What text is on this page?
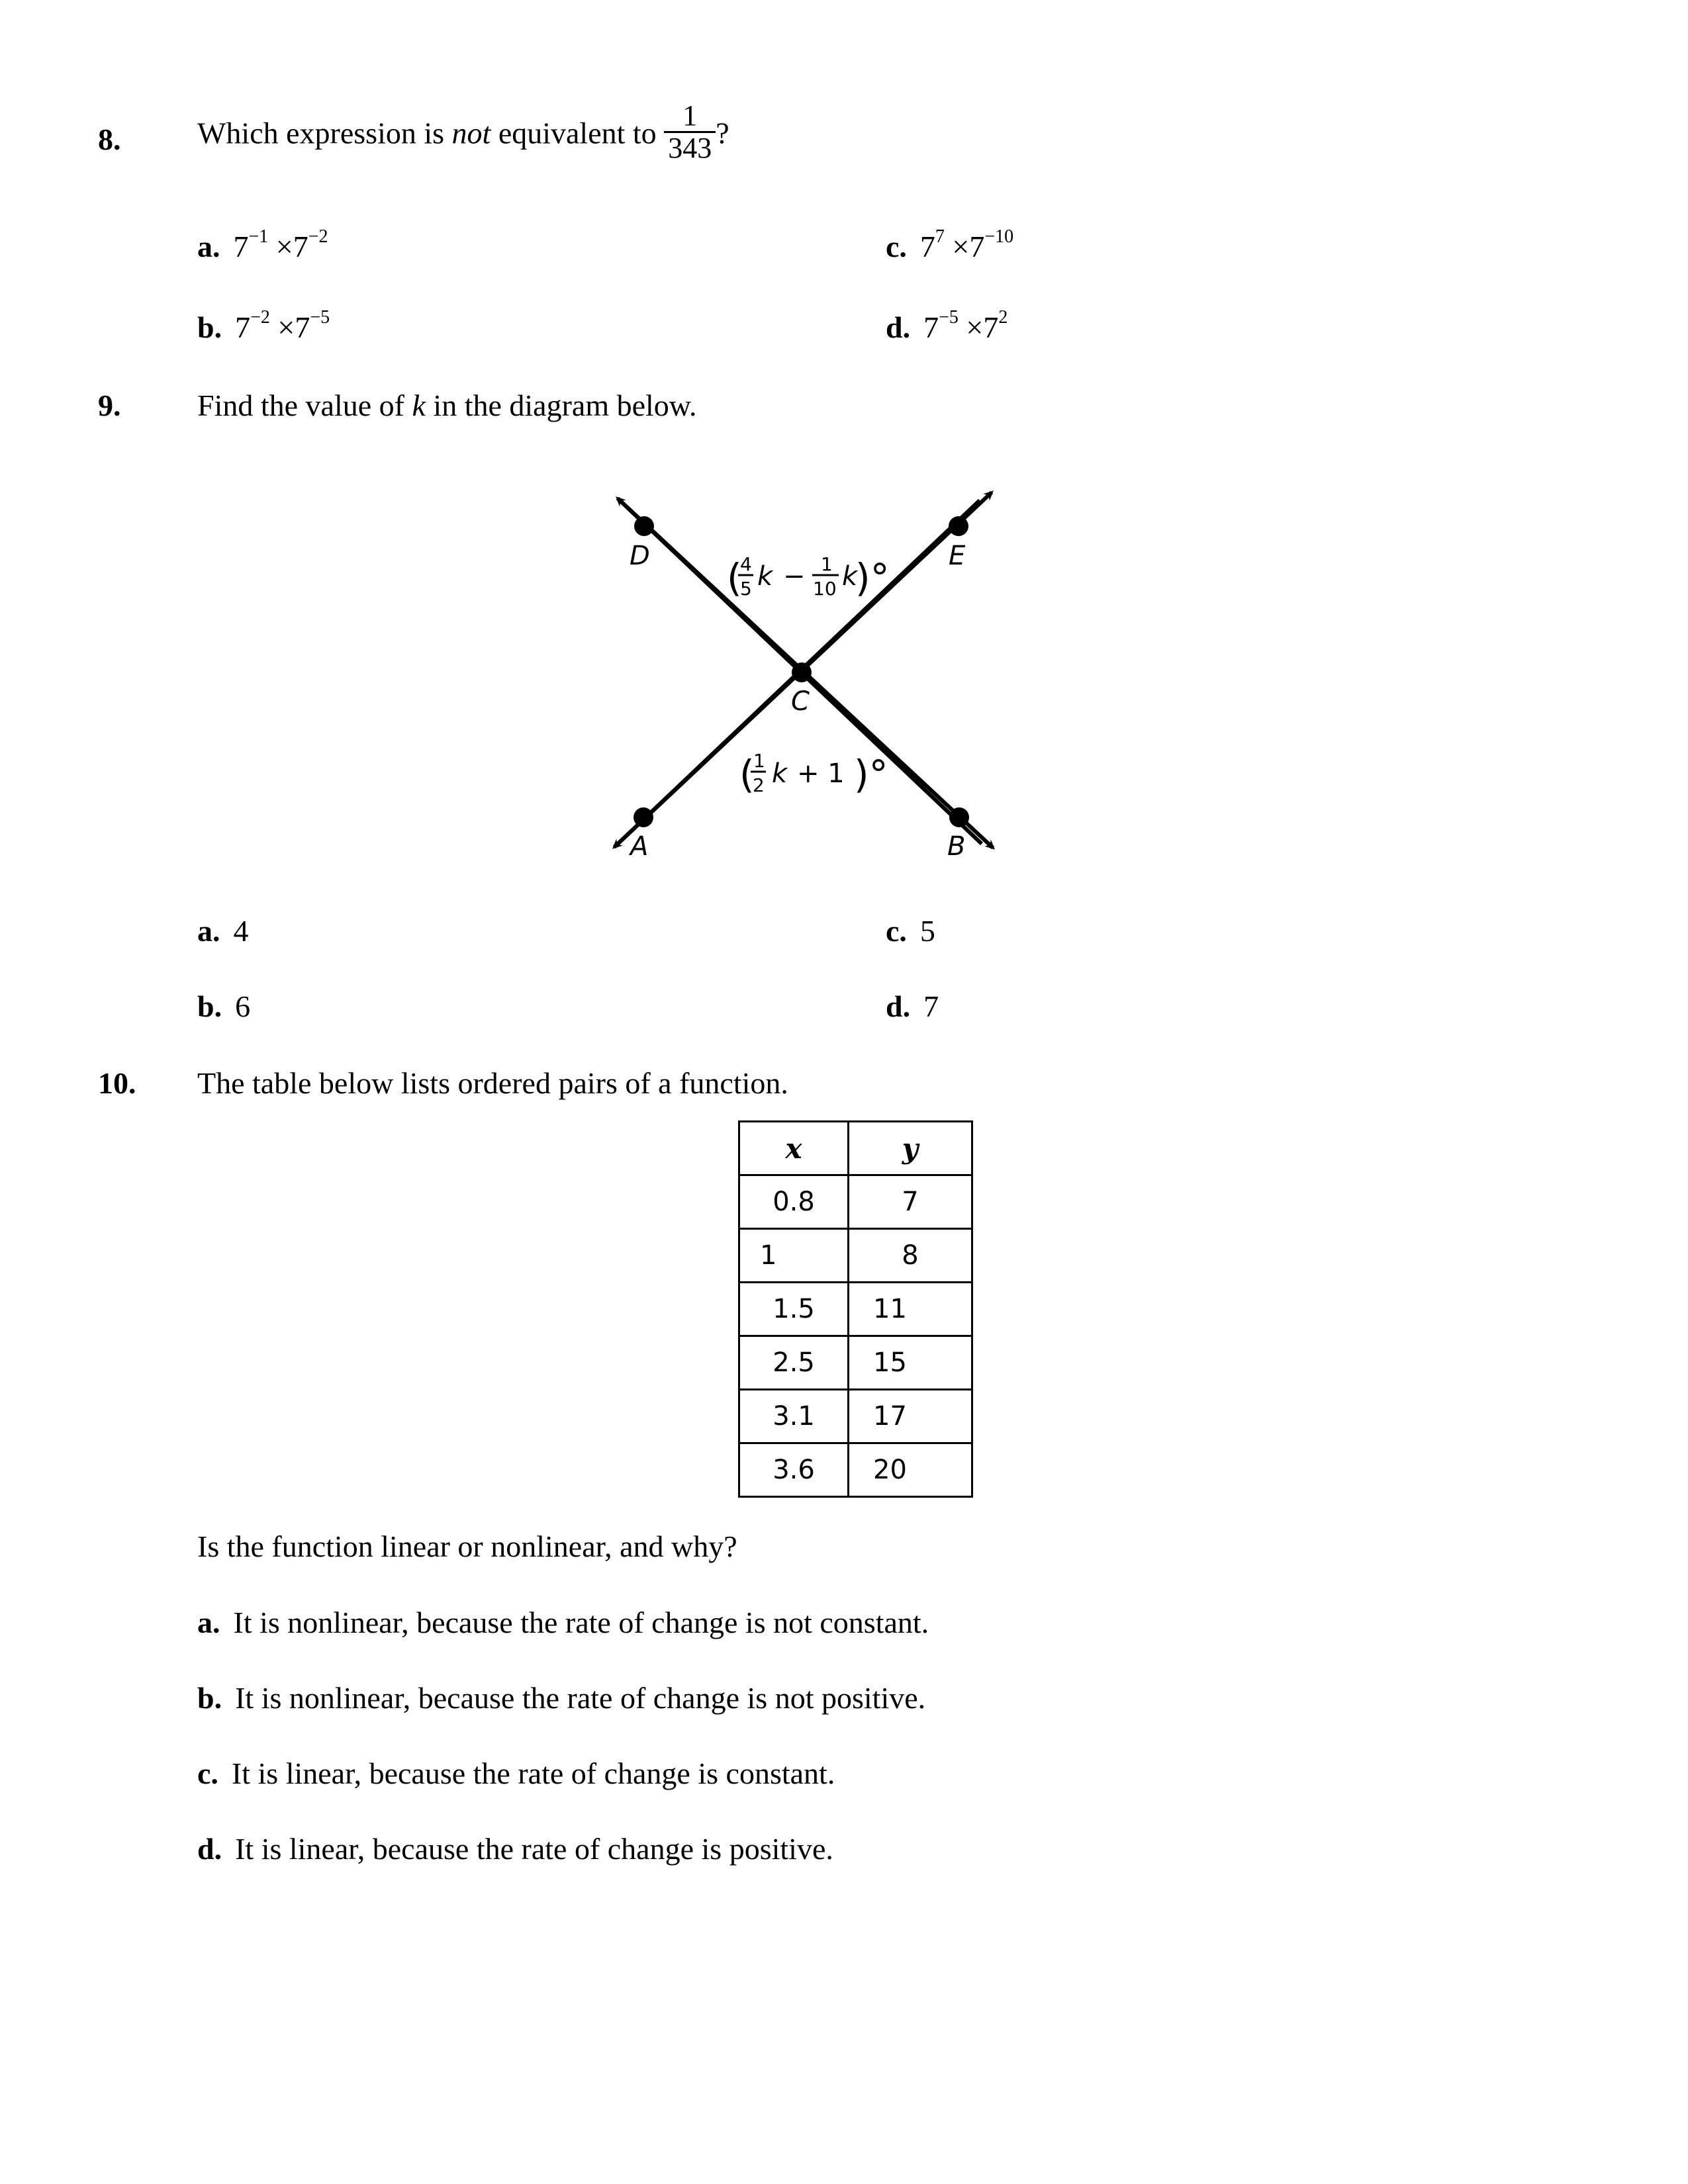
8.	Which expression is not equivalent to $\frac{1}{343}$ ?
a. $7^{-1} \times 7^{-2}$
b. $7^{-2} \times 7^{-5}$
c. $7^7 \times 7^{-10}$
d. $7^{-5} \times 7^2$
9.	Find the value of k in the diagram below.
D	E
C
A	B
(
4
5 k − 1
10 k
)°
(
1
2 k + 1 )°
a. 4
b. 6
c. 5
d. 7
10. The table below lists ordered pairs of a function.
x	y
0.8	7
1	8
1.5	11
2.5	15
3.1	17
3.6	20
Is the function linear or nonlinear, and why?
a. It is nonlinear, because the rate of change is not constant.
b. It is nonlinear, because the rate of change is not positive.
c. It is linear, because the rate of change is constant.
d. It is linear, because the rate of change is positive.
